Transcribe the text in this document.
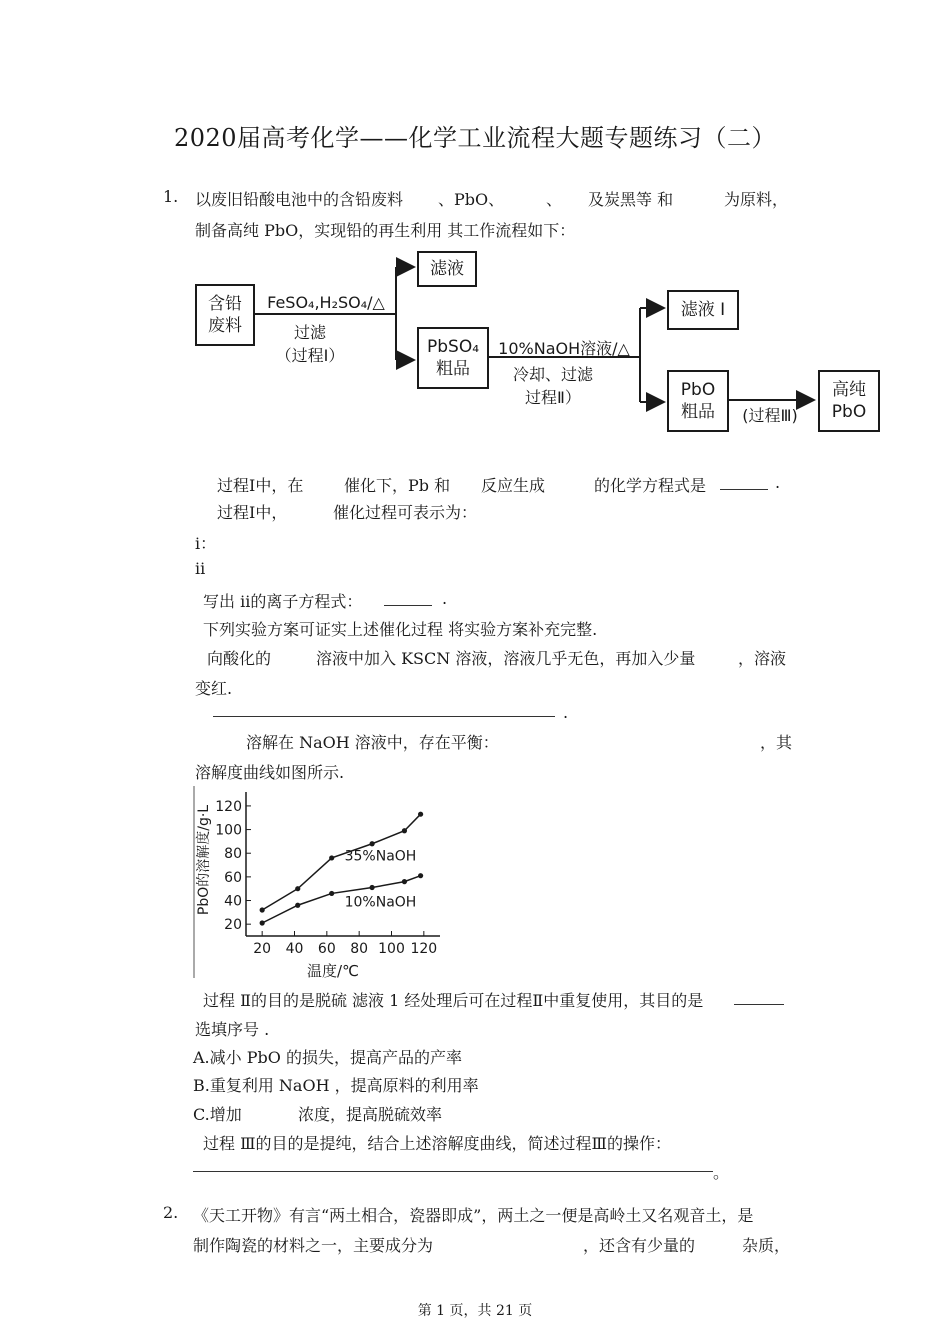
2020届高考化学——化学工业流程大题专题练习（二）
1. 以废旧铅酸电池中的含铅废料 、PbO、	、 及炭黑等 和	为原料，
制备高纯 PbO，实现铅的再生利用 其工作流程如下：
含铅
废料
FeSO₄,H₂SO₄/△
过滤
（过程Ⅰ）
滤液
PbSO₄
粗品
10%NaOH溶液/△
冷却、过滤
过程Ⅱ）
滤液 Ⅰ
PbO
粗品	(过程Ⅲ)
高纯
PbO
过程Ⅰ中，在	催化下，Pb 和 反应生成	的化学方程式是	.
过程Ⅰ中，	催化过程可表示为：
i：
ii
写出 ii的离子方程式：	.
下列实验方案可证实上述催化过程 将实验方案补充完整.
向酸化的	溶液中加入 KSCN 溶液，溶液几乎无色，再加入少量	，溶液
变红.
.
溶解在 NaOH 溶液中，存在平衡：	，其
溶解度曲线如图所示.
20
40
60
80
100
120
20 40 60 80 100 120
温度/℃
PbO的溶解度/g·L	35%NaOH
10%NaOH
过程 Ⅱ的目的是脱硫 滤液 1 经处理后可在过程Ⅱ中重复使用，其目的是
选填序号 .
A.减小 PbO 的损失，提高产品的产率
B.重复利用 NaOH ，提高原料的利用率
C.增加	浓度，提高脱硫效率
过程 Ⅲ的目的是提纯，结合上述溶解度曲线，简述过程Ⅲ的操作：
。
2. 《天工开物》有言“两土相合，瓷器即成”，两土之一便是高岭土又名观音土，是
制作陶瓷的材料之一，主要成分为	，还含有少量的	杂质，
第 1 页，共 21 页
